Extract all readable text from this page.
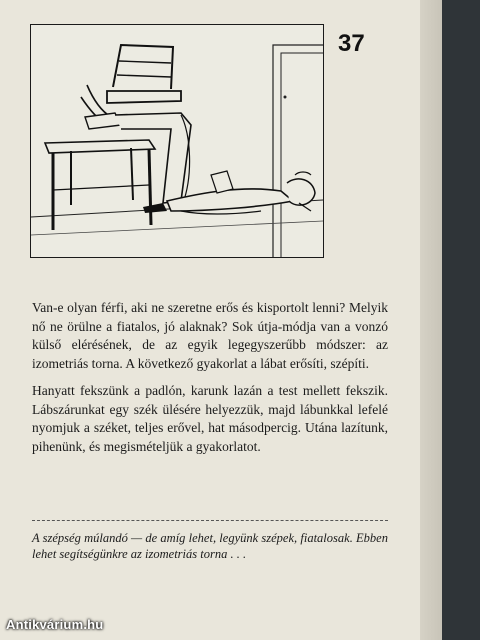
37

Van-e olyan férfi, aki ne szeretne erős és kisportolt lenni? Melyik nő ne örülne a fiatalos, jó alaknak? Sok útja-módja van a vonzó külső elérésének, de az egyik legegyszerűbb módszer: az izometriás torna. A következő gyakorlat a lábat erősíti, szépíti.

Hanyatt fekszünk a padlón, karunk lazán a test mellett fekszik. Lábszárunkat egy szék ülésére helyezzük, majd lábunkkal lefelé nyomjuk a széket, teljes erővel, hat másodpercig. Utána lazítunk, pihenünk, és megismételjük a gyakorlatot.

A szépség múlandó — de amíg lehet, legyünk szépek, fiatalosak. Ebben lehet segítségünkre az izometriás torna . . .
Antikvárium.hu
